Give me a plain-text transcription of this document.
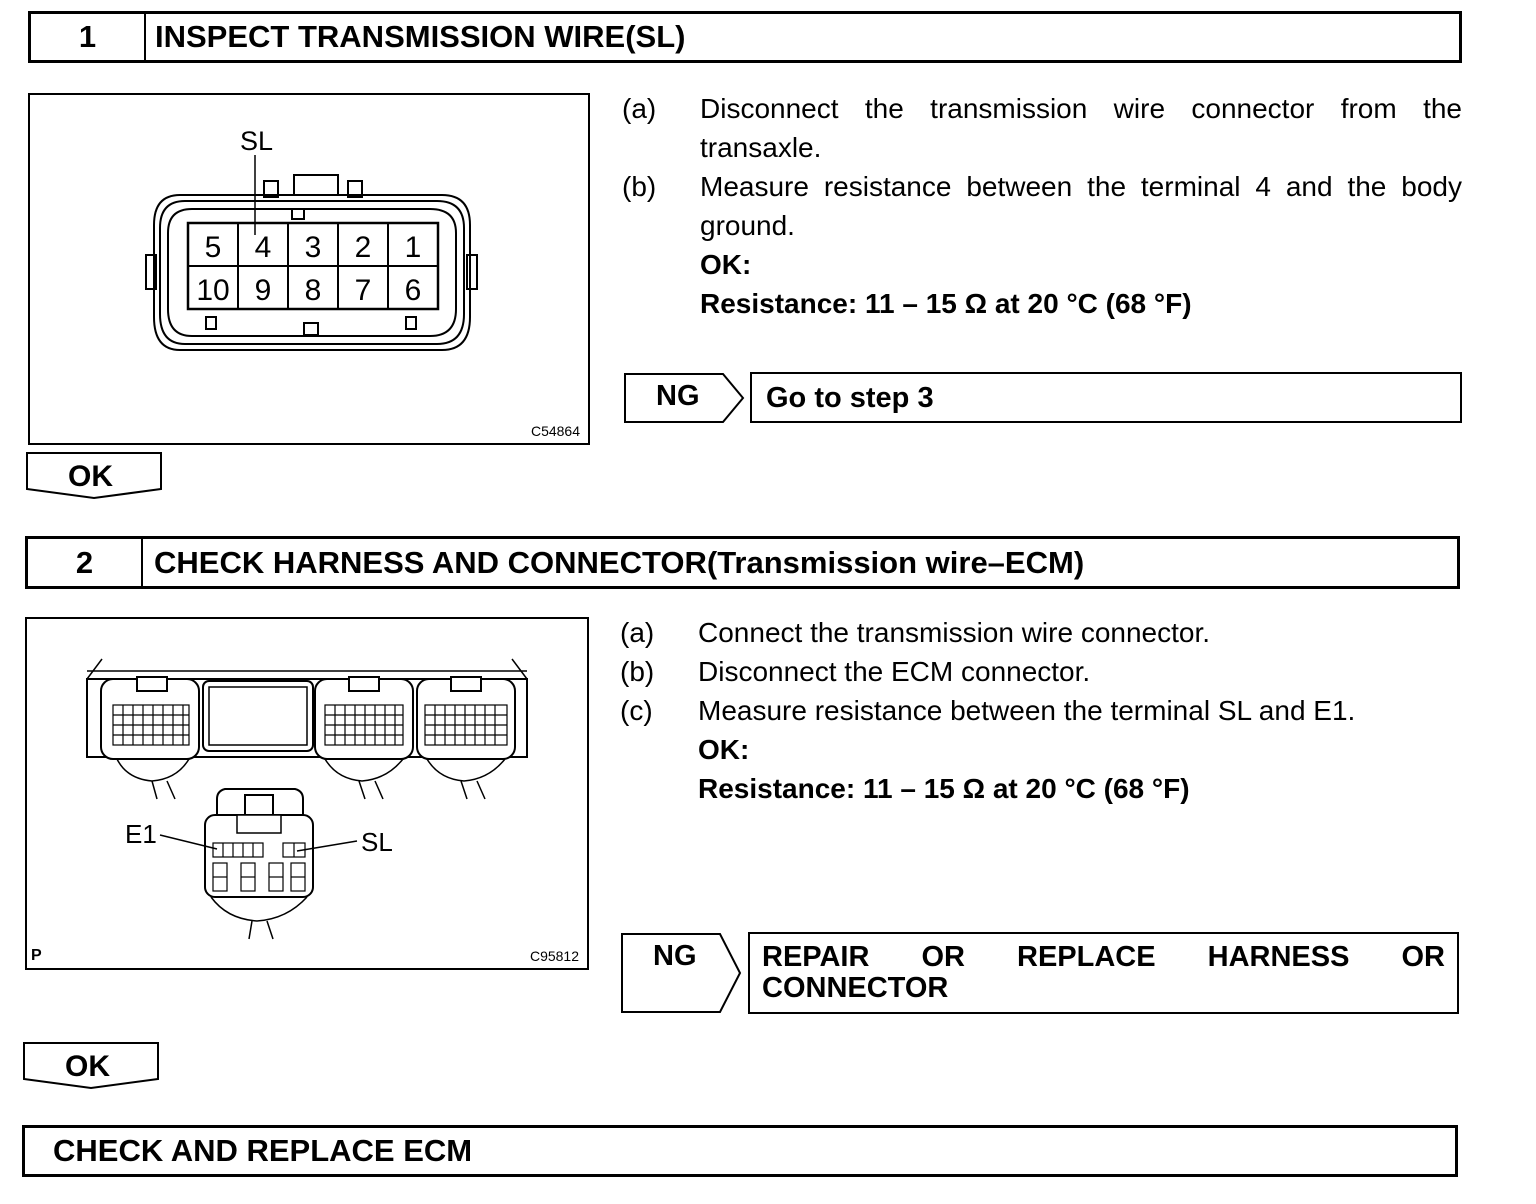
1	INSPECT TRANSMISSION WIRE(SL)
SL
5 4 3 2 1
10 9 8 7 6
C54864
(a)	Disconnect the transmission wire connector from the transaxle.
(b)	Measure resistance between the terminal 4 and the body ground.
OK:
Resistance: 11 – 15 Ω at 20 °C (68 °F)
NG	Go to step 3
OK
2	CHECK HARNESS AND CONNECTOR(Transmission wire–ECM)
E1	SL
P	C95812
(a)	Connect the transmission wire connector.
(b)	Disconnect the ECM connector.
(c)	Measure resistance between the terminal SL and E1.
OK:
Resistance: 11 – 15 Ω at 20 °C (68 °F)
NG	REPAIR OR REPLACE HARNESS OR CONNECTOR
OK
CHECK AND REPLACE ECM
